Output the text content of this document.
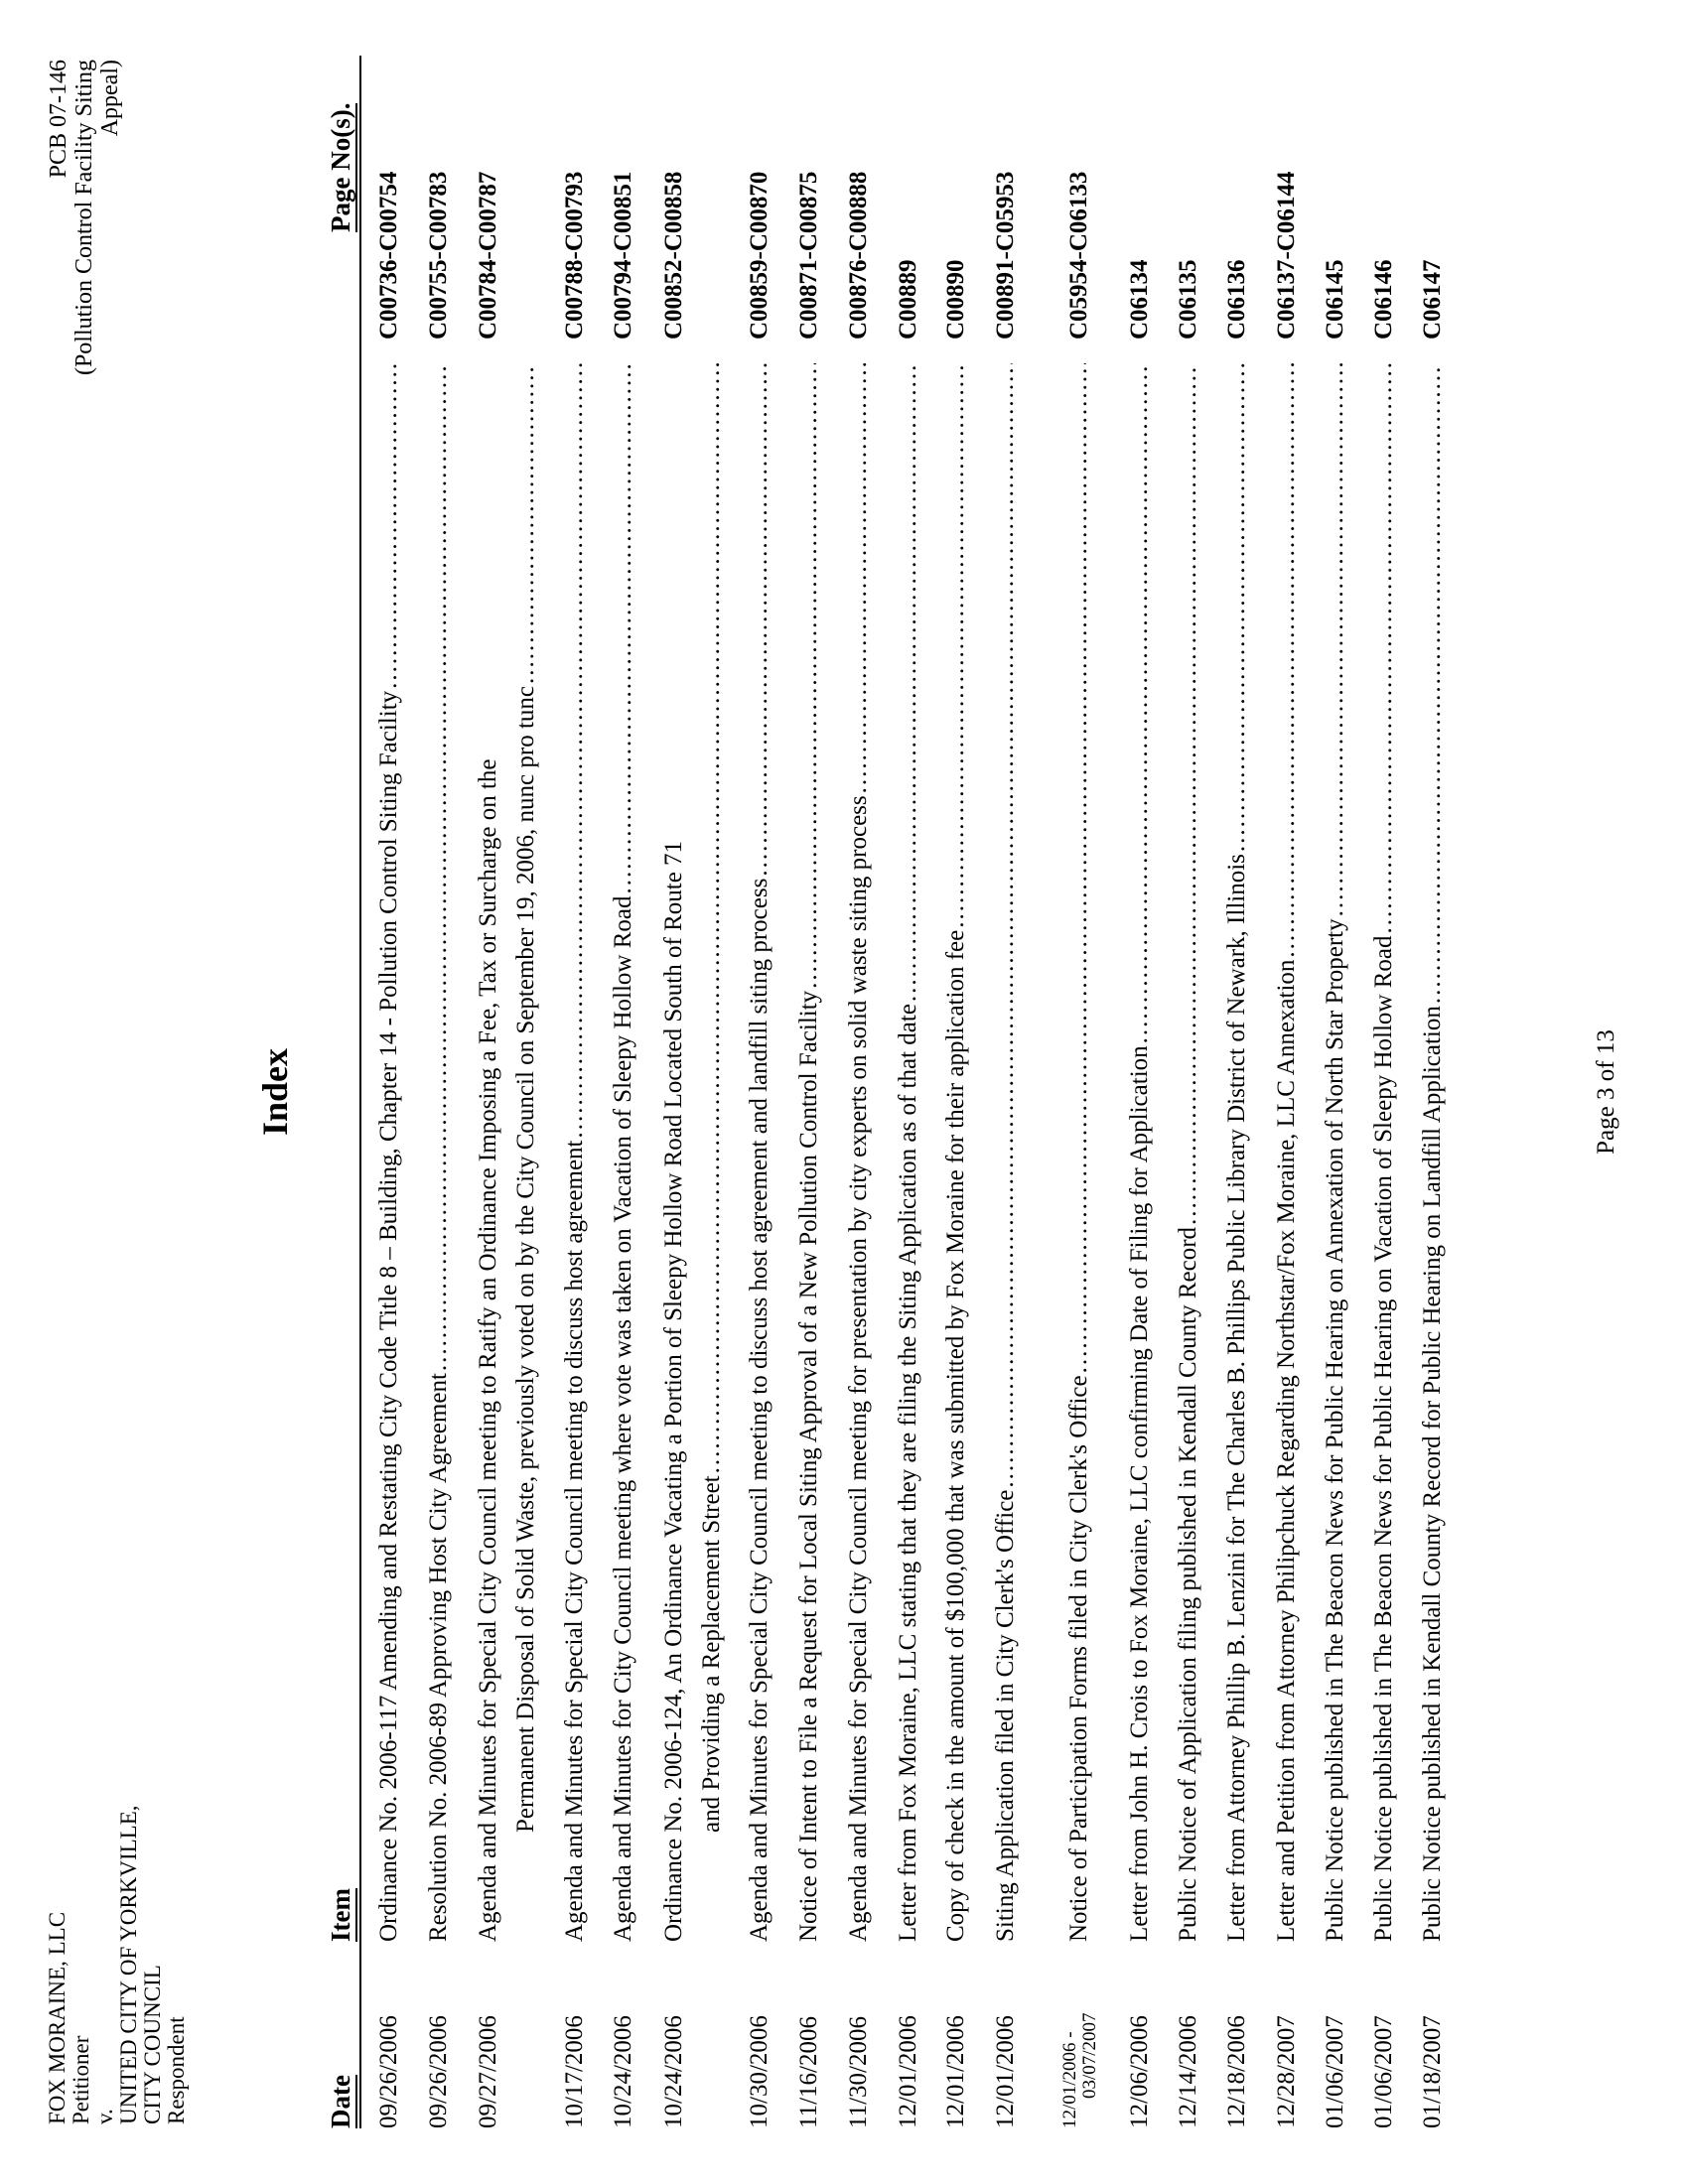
FOX MORAINE, LLC Petitioner v. UNITED CITY OF YORKVILLE, CITY COUNCIL Respondent
PCB 07-146 (Pollution Control Facility Siting Appeal)
Index
Date
Item
Page No(s).
09/26/2006
Ordinance No. 2006-117 Amending and Restating City Code Title 8 – Building, Chapter 14 - Pollution Control Siting Facility
.....
C00736-C00754
09/26/2006
Resolution No. 2006-89 Approving Host City Agreement
.....
C00755-C00783
09/27/2006
Agenda and Minutes for Special City Council meeting to Ratify an Ordinance Imposing a Fee, Tax or Surcharge on the Permanent Disposal of Solid Waste, previously voted on by the City Council on September 19, 2006, nunc pro tunc
.....
C00784-C00787
10/17/2006
Agenda and Minutes for Special City Council meeting to discuss host agreement
.....
C00788-C00793
10/24/2006
Agenda and Minutes for City Council meeting where vote was taken on Vacation of Sleepy Hollow Road
.....
C00794-C00851
10/24/2006
Ordinance No. 2006-124, An Ordinance Vacating a Portion of Sleepy Hollow Road Located South of Route 71 and Providing a Replacement Street
.....
C00852-C00858
10/30/2006
Agenda and Minutes for Special City Council meeting to discuss host agreement and landfill siting process
.....
C00859-C00870
11/16/2006
Notice of Intent to File a Request for Local Siting Approval of a New Pollution Control Facility
.....
C00871-C00875
11/30/2006
Agenda and Minutes for Special City Council meeting for presentation by city experts on solid waste siting process
.....
C00876-C00888
12/01/2006
Letter from Fox Moraine, LLC stating that they are filing the Siting Application as of that date
.....
C00889
12/01/2006
Copy of check in the amount of $100,000 that was submitted by Fox Moraine for their application fee
.....
C00890
12/01/2006
Siting Application filed in City Clerk's Office
.....
C00891-C05953
12/01/2006 - 03/07/2007
Notice of Participation Forms filed in City Clerk's Office
.....
C05954-C06133
12/06/2006
Letter from John H. Crois to Fox Moraine, LLC confirming Date of Filing for Application
.....
C06134
12/14/2006
Public Notice of Application filing published in Kendall County Record
.....
C06135
12/18/2006
Letter from Attorney Phillip B. Lenzini for The Charles B. Phillips Public Library District of Newark, Illinois
.....
C06136
12/28/2007
Letter and Petition from Attorney Philipchuck Regarding Northstar/Fox Moraine, LLC Annexation
.....
C06137-C06144
01/06/2007
Public Notice published in The Beacon News for Public Hearing on Annexation of North Star Property
.....
C06145
01/06/2007
Public Notice published in The Beacon News for Public Hearing on Vacation of Sleepy Hollow Road
.....
C06146
01/18/2007
Public Notice published in Kendall County Record for Public Hearing on Landfill Application
.....
C06147
Page 3 of 13
